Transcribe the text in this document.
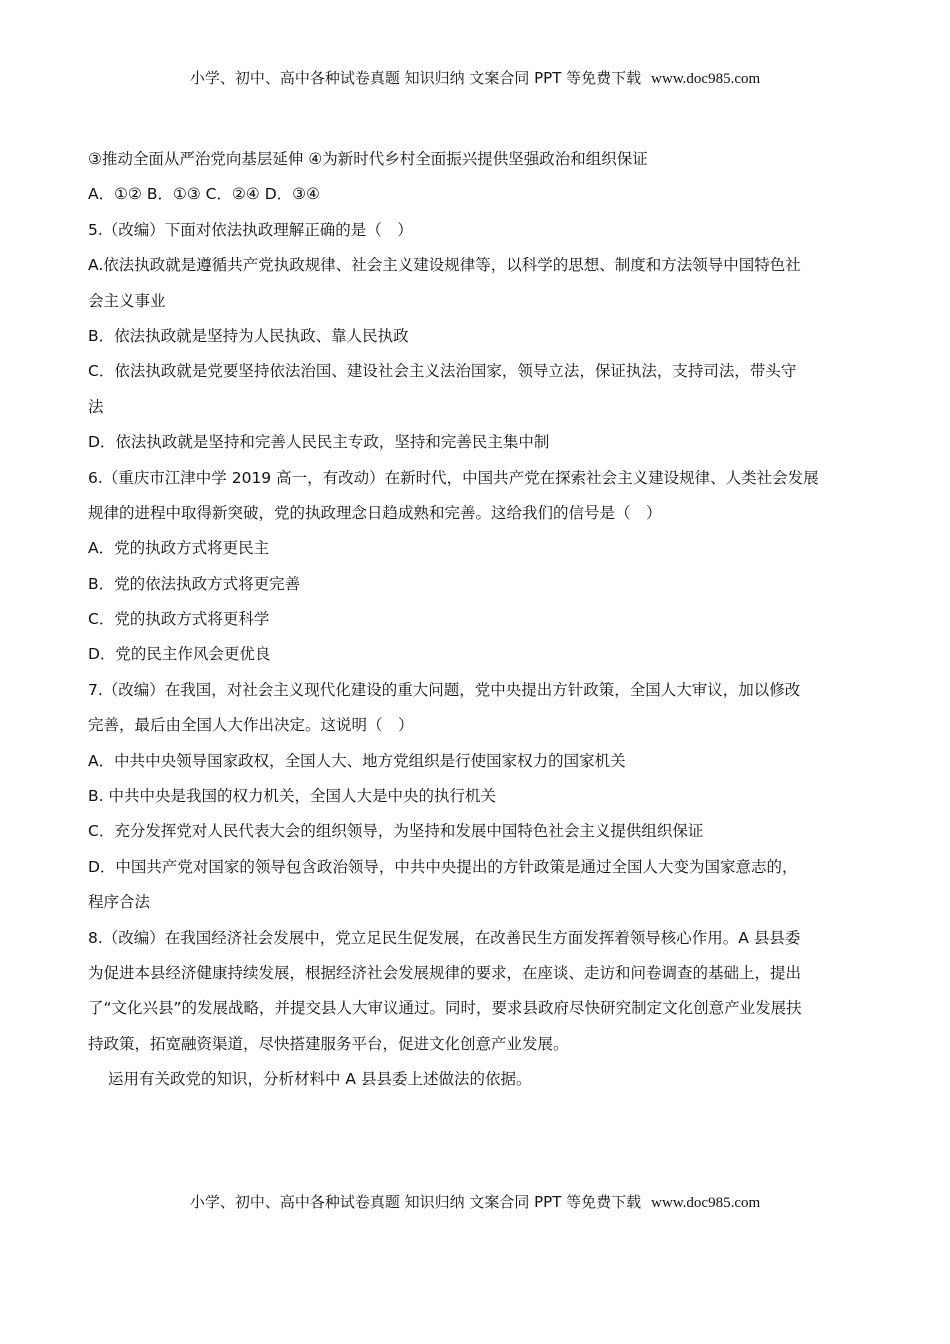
小学、初中、高中各种试卷真题 知识归纳 文案合同 PPT 等免费下载 www.doc985.com
③推动全面从严治党向基层延伸 ④为新时代乡村全面振兴提供坚强政治和组织保证
A．①② B．①③ C．②④ D．③④
5.（改编）下面对依法执政理解正确的是（　）
A.依法执政就是遵循共产党执政规律、社会主义建设规律等，以科学的思想、制度和方法领导中国特色社
会主义事业
B．依法执政就是坚持为人民执政、靠人民执政
C．依法执政就是党要坚持依法治国、建设社会主义法治国家，领导立法，保证执法，支持司法，带头守
法
D．依法执政就是坚持和完善人民民主专政，坚持和完善民主集中制
6.（重庆市江津中学 2019 高一，有改动）在新时代，中国共产党在探索社会主义建设规律、人类社会发展
规律的进程中取得新突破，党的执政理念日趋成熟和完善。这给我们的信号是（　）
A．党的执政方式将更民主
B．党的依法执政方式将更完善
C．党的执政方式将更科学
D．党的民主作风会更优良
7.（改编）在我国，对社会主义现代化建设的重大问题，党中央提出方针政策，全国人大审议，加以修改
完善，最后由全国人大作出决定。这说明（　）
A．中共中央领导国家政权，全国人大、地方党组织是行使国家权力的国家机关
B. 中共中央是我国的权力机关，全国人大是中央的执行机关
C．充分发挥党对人民代表大会的组织领导，为坚持和发展中国特色社会主义提供组织保证
D．中国共产党对国家的领导包含政治领导，中共中央提出的方针政策是通过全国人大变为国家意志的，
程序合法
8.（改编）在我国经济社会发展中，党立足民生促发展，在改善民生方面发挥着领导核心作用。A 县县委
为促进本县经济健康持续发展，根据经济社会发展规律的要求，在座谈、走访和问卷调查的基础上，提出
了“文化兴县”的发展战略，并提交县人大审议通过。同时，要求县政府尽快研究制定文化创意产业发展扶
持政策，拓宽融资渠道，尽快搭建服务平台，促进文化创意产业发展。
运用有关政党的知识，分析材料中 A 县县委上述做法的依据。
小学、初中、高中各种试卷真题 知识归纳 文案合同 PPT 等免费下载 www.doc985.com
